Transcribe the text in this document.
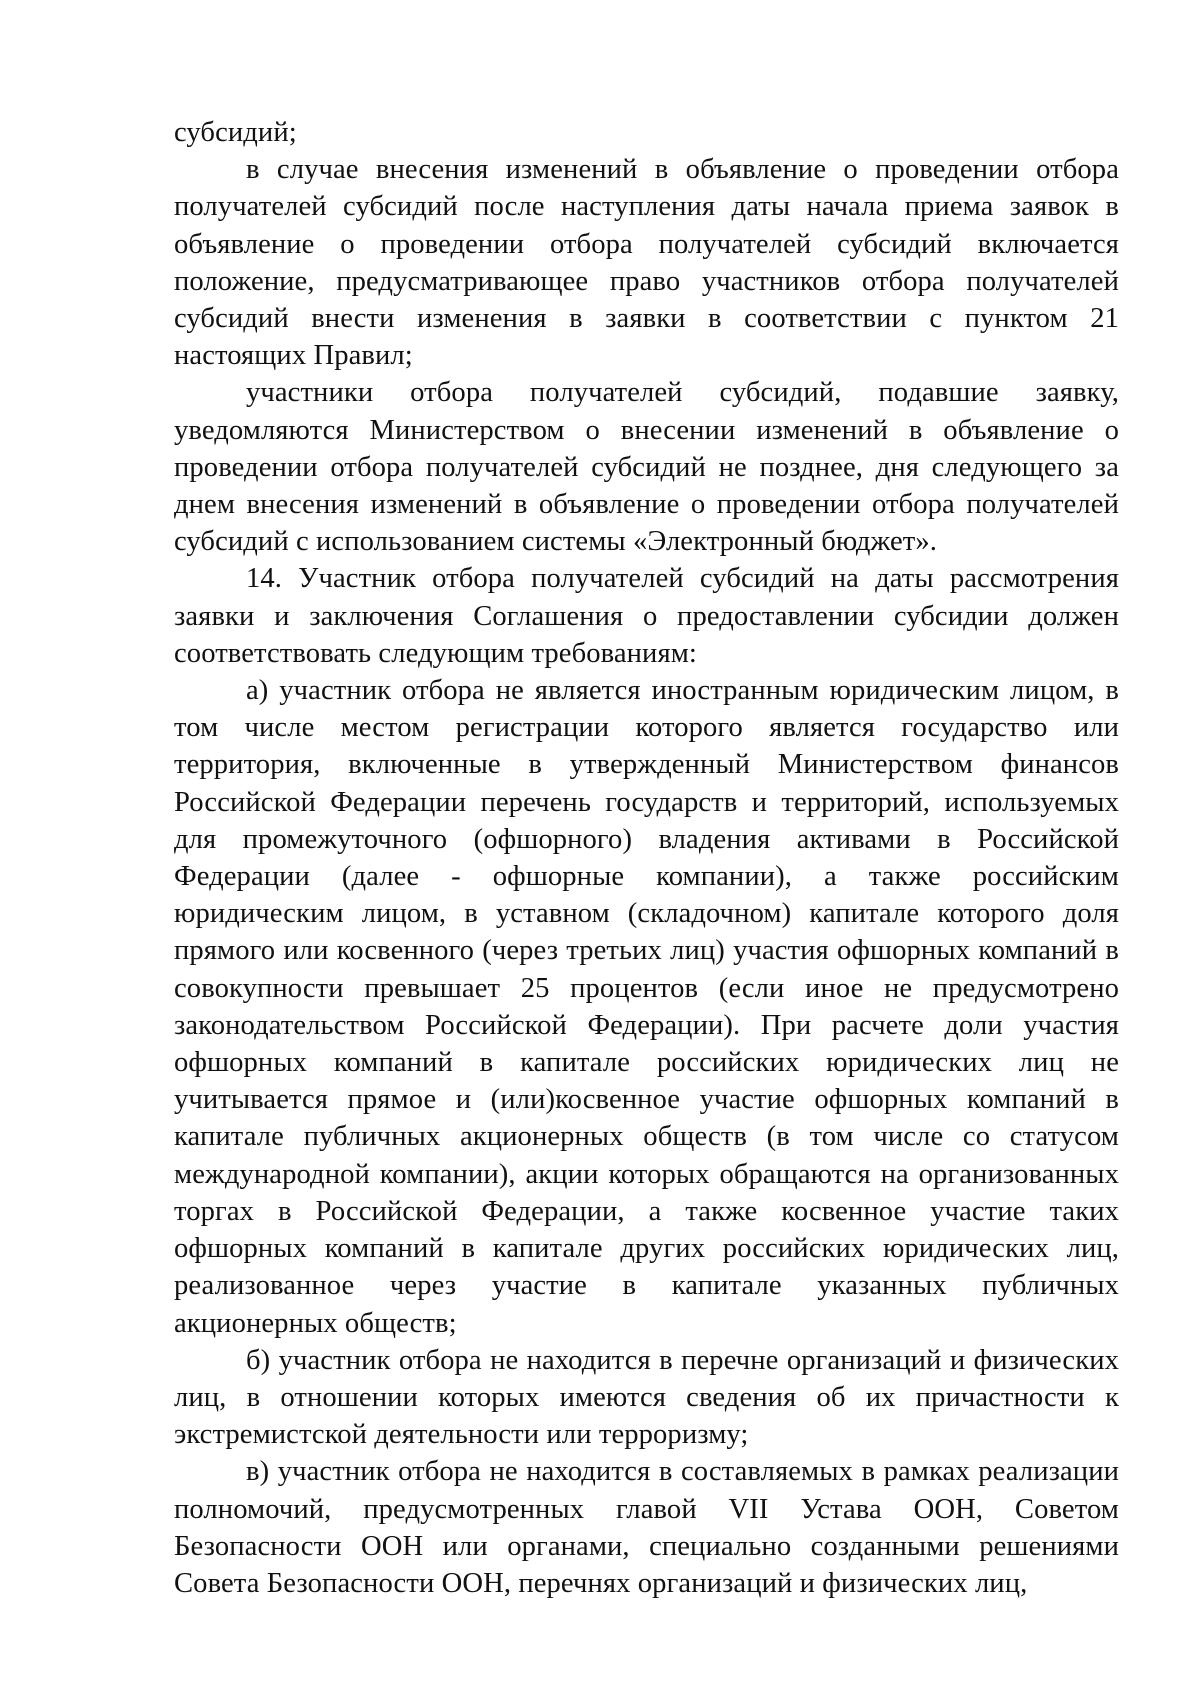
субсидий;

в случае внесения изменений в объявление о проведении отбора получателей субсидий после наступления даты начала приема заявок в объявление о проведении отбора получателей субсидий включается положение, предусматривающее право участников отбора получателей субсидий внести изменения в заявки в соответствии с пунктом 21 настоящих Правил;

участники отбора получателей субсидий, подавшие заявку, уведомляются Министерством о внесении изменений в объявление о проведении отбора получателей субсидий не позднее, дня следующего за днем внесения изменений в объявление о проведении отбора получателей субсидий с использованием системы «Электронный бюджет».

14. Участник отбора получателей субсидий на даты рассмотрения заявки и заключения Соглашения о предоставлении субсидии должен соответствовать следующим требованиям:

а) участник отбора не является иностранным юридическим лицом, в том числе местом регистрации которого является государство или территория, включенные в утвержденный Министерством финансов Российской Федерации перечень государств и территорий, используемых для промежуточного (офшорного) владения активами в Российской Федерации (далее - офшорные компании), а также российским юридическим лицом, в уставном (складочном) капитале которого доля прямого или косвенного (через третьих лиц) участия офшорных компаний в совокупности превышает 25 процентов (если иное не предусмотрено законодательством Российской Федерации). При расчете доли участия офшорных компаний в капитале российских юридических лиц не учитывается прямое и (или)косвенное участие офшорных компаний в капитале публичных акционерных обществ (в том числе со статусом международной компании), акции которых обращаются на организованных торгах в Российской Федерации, а также косвенное участие таких офшорных компаний в капитале других российских юридических лиц, реализованное через участие в капитале указанных публичных акционерных обществ;

б) участник отбора не находится в перечне организаций и физических лиц, в отношении которых имеются сведения об их причастности к экстремистской деятельности или терроризму;

в) участник отбора не находится в составляемых в рамках реализации полномочий, предусмотренных главой VII Устава ООН, Советом Безопасности ООН или органами, специально созданными решениями Совета Безопасности ООН, перечнях организаций и физических лиц,
